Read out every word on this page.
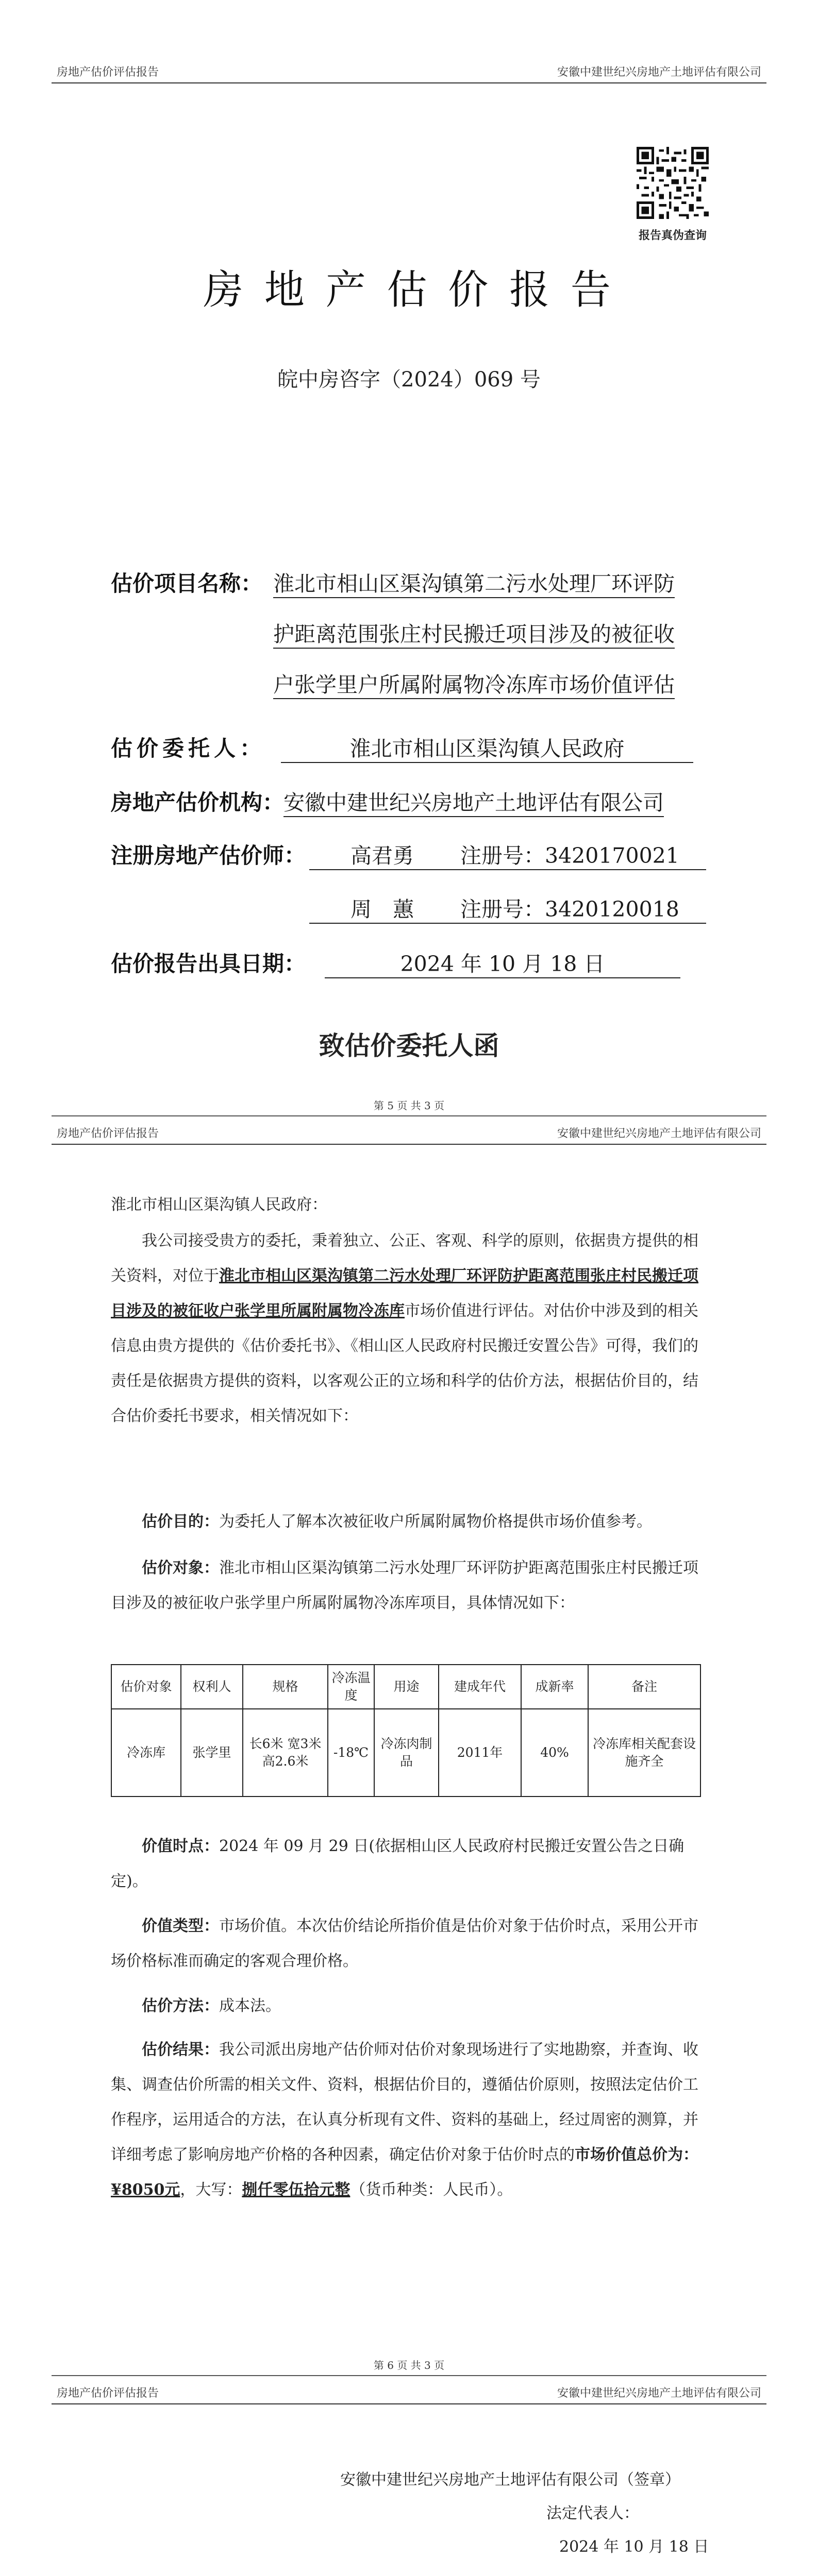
房地产估价评估报告	安徽中建世纪兴房地产土地评估有限公司
报告真伪查询
房 地 产 估 价 报 告
皖中房咨字（2024）069 号
估价项目名称： 淮北市相山区渠沟镇第二污水处理厂环评防
护距离范围张庄村民搬迁项目涉及的被征收
户张学里户所属附属物冷冻库市场价值评估
估价委托人：	淮北市相山区渠沟镇人民政府
房地产估价机构：
安徽中建世纪兴房地产土地评估有限公司
注册房地产估价师：	高君勇 注册号：3420170021
周　蕙 注册号：3420120018
估价报告出具日期：	2024 年 10 月 18 日
致估价委托人函
第 5 页 共 3 页
房地产估价评估报告	安徽中建世纪兴房地产土地评估有限公司
淮北市相山区渠沟镇人民政府：
我公司接受贵方的委托，秉着独立、公正、客观、科学的原则，依据贵方提供的相关资料，对位于淮北市相山区渠沟镇第二污水处理厂环评防护距离范围张庄村民搬迁项目涉及的被征收户张学里所属附属物冷冻库市场价值进行评估。对估价中涉及到的相关信息由贵方提供的《估价委托书》、《相山区人民政府村民搬迁安置公告》可得，我们的责任是依据贵方提供的资料，以客观公正的立场和科学的估价方法，根据估价目的，结合估价委托书要求，相关情况如下：
估价目的：为委托人了解本次被征收户所属附属物价格提供市场价值参考。
估价对象：淮北市相山区渠沟镇第二污水处理厂环评防护距离范围张庄村民搬迁项目涉及的被征收户张学里户所属附属物冷冻库项目，具体情况如下：
估价对象	权利人	规格	冷冻温度	用途	建成年代	成新率	备注
冷冻库	张学里	长6米 宽3米 高2.6米	-18℃	冷冻肉制品	2011年	40%	冷冻库相关配套设施齐全
价值时点：2024 年 09 月 29 日(依据相山区人民政府村民搬迁安置公告之日确定)。
价值类型：市场价值。本次估价结论所指价值是估价对象于估价时点，采用公开市场价格标准而确定的客观合理价格。
估价方法：成本法。
估价结果：我公司派出房地产估价师对估价对象现场进行了实地勘察，并查询、收集、调查估价所需的相关文件、资料，根据估价目的，遵循估价原则，按照法定估价工作程序，运用适合的方法，在认真分析现有文件、资料的基础上，经过周密的测算，并详细考虑了影响房地产价格的各种因素，确定估价对象于估价时点的市场价值总价为：¥8050元，大写：捌仟零伍拾元整（货币种类：人民币）。
第 6 页 共 3 页
房地产估价评估报告	安徽中建世纪兴房地产土地评估有限公司
安徽中建世纪兴房地产土地评估有限公司（签章）
法定代表人：
2024 年 10 月 18 日
